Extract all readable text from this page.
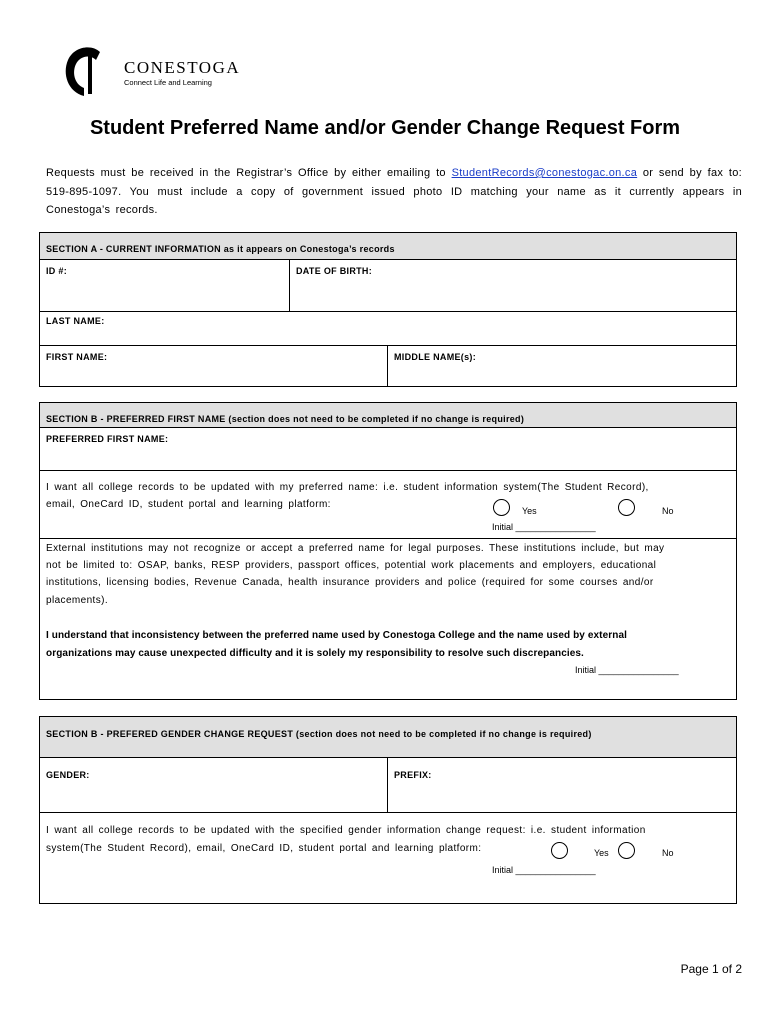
CONESTOGA
Connect Life and Learning
Student Preferred Name and/or Gender Change Request Form
Requests must be received in the Registrar’s Office by either emailing to StudentRecords@conestogac.on.ca or send by fax to: 519-895-1097. You must include a copy of government issued photo ID matching your name as it currently appears in Conestoga’s records.
SECTION A - CURRENT INFORMATION as it appears on Conestoga’s records
ID #:	DATE OF BIRTH:
LAST NAME:
FIRST NAME:	MIDDLE NAME(s):
SECTION B - PREFERRED FIRST NAME (section does not need to be completed if no change is required)
PREFERRED FIRST NAME:
I want all college records to be updated with my preferred name: i.e. student information system(The Student Record),
email, OneCard ID, student portal and learning platform:
Yes	No
Initial ________________
External institutions may not recognize or accept a preferred name for legal purposes. These institutions include, but may
not be limited to: OSAP, banks, RESP providers, passport offices, potential work placements and employers, educational
institutions, licensing bodies, Revenue Canada, health insurance providers and police (required for some courses and/or
placements).
I understand that inconsistency between the preferred name used by Conestoga College and the name used by external
organizations may cause unexpected difficulty and it is solely my responsibility to resolve such discrepancies.
Initial ________________
SECTION B - PREFERED GENDER CHANGE REQUEST (section does not need to be completed if no change is required)
GENDER:	PREFIX:
I want all college records to be updated with the specified gender information change request: i.e. student information
system(The Student Record), email, OneCard ID, student portal and learning platform:	Yes	No
Initial ________________
Page 1 of 2
